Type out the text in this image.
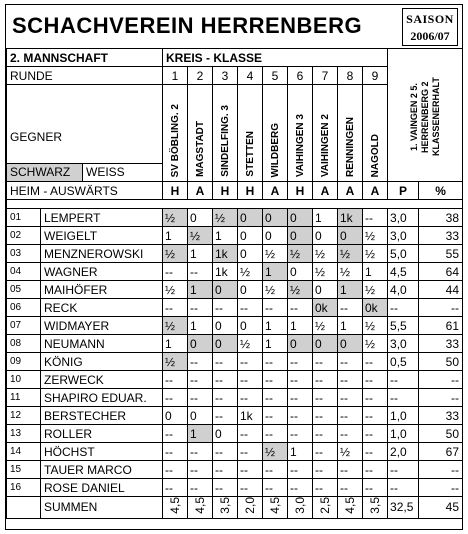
SCHACHVEREIN HERRENBERG	SAISON
2006/07
2. MANNSCHAFT		KREIS - KLASSE									1. VAINGEN 2 5. HERRENBERG 2 KLASSENERHALT	
RUNDE		1	2	3	4	5	6	7	8	9		

GEGNER
SCHWARZ WEISS		SV BÖBLING. 2	MAGSTADT	SINDELFING. 3	STETTEN	WILDBERG	VAIHINGEN 3	VAIHINGEN 2	RENNINGEN	NAGOLD		

HEIM - AUSWÄRTS		H	A	H	H	A	H	A	A	A	P	%

01	LEMPERT	½	0	½	0	0	0	1	1k	--	3,0	38
02	WEIGELT	1	½	1	0	0	0	0	0	½	3,0	33
03	MENZNEROWSKI	½	1	1k	0	½	½	½	½	½	5,0	55
04	WAGNER	--	--	1k	½	1	0	½	½	1	4,5	64
05	MAIHÖFER	½	1	0	0	½	½	0	1	½	4,0	44
06	RECK	--	--	--	--	--	--	0k	--	0k	--	--
07	WIDMAYER	½	1	0	0	1	1	½	1	½	5,5	61
08	NEUMANN	1	0	0	½	1	0	0	0	½	3,0	33
09	KÖNIG	½	--	--	--	--	--	--	--	--	0,5	50
10	ZERWECK	--	--	--	--	--	--	--	--	--	--	--
11	SHAPIRO EDUAR.	--	--	--	--	--	--	--	--	--	--	--
12	BERSTECHER	0	0	--	1k	--	--	--	--	--	1,0	33
13	ROLLER	--	1	0	--	--	--	--	--	--	1,0	50
14	HÖCHST	--	--	--	--	½	1	--	½	--	2,0	67
15	TAUER MARCO	--	--	--	--	--	--	--	--	--	--	--
16	ROSE DANIEL	--	--	--	--	--	--	--	--	--	--	--
	SUMMEN	4,5	4,5	3,5	2,0	4,5	3,0	2,5	4,5	3,5	32,5	45
